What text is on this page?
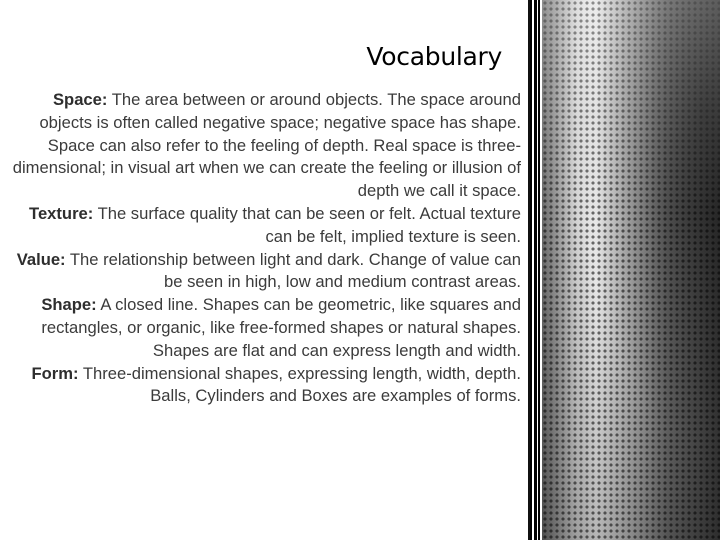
Vocabulary

Space: The area between or around objects. The space around objects is often called negative space; negative space has shape. Space can also refer to the feeling of depth. Real space is three-dimensional; in visual art when we can create the feeling or illusion of depth we call it space.

Texture: The surface quality that can be seen or felt. Actual texture can be felt, implied texture is seen.

Value: The relationship between light and dark. Change of value can be seen in high, low and medium contrast areas.

Shape: A closed line. Shapes can be geometric, like squares and rectangles, or organic, like free-formed shapes or natural shapes. Shapes are flat and can express length and width.

Form: Three-dimensional shapes, expressing length, width, depth. Balls, Cylinders and Boxes are examples of forms.
